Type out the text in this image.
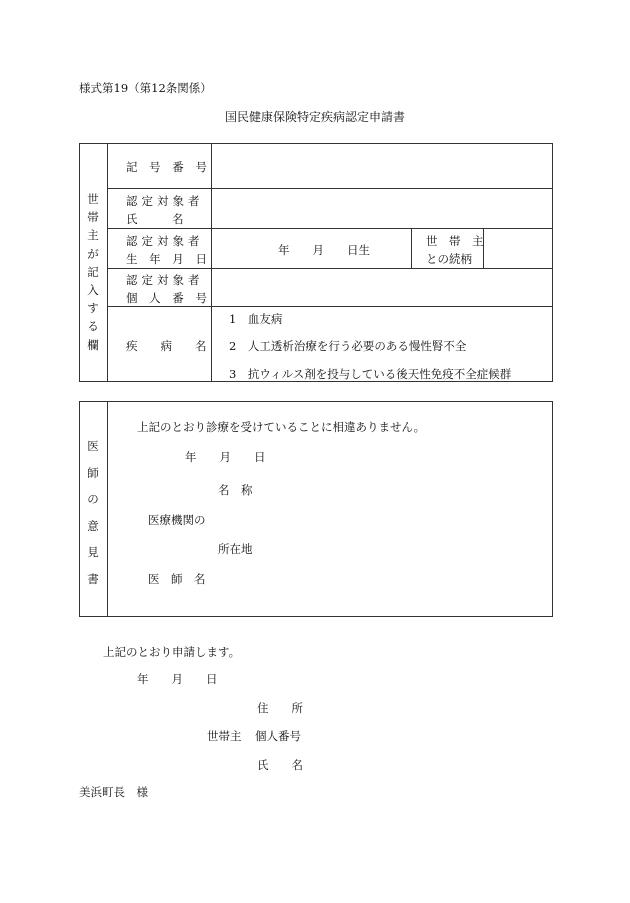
様式第19（第12条関係）
国民健康保険特定疾病認定申請書
世
帯
主
が
記
入
す
る
欄
記 号 番 号
認定対象者
氏　　　名
認定対象者
生 年 月 日
年　　月　　日生
世　帯　主
との続柄
認定対象者
個 人 番 号
疾　　病　　名
1　血友病
2　人工透析治療を行う必要のある慢性腎不全
3　抗ウィルス剤を投与している後天性免疫不全症候群
医
師
の
意
見
書
上記のとおり診療を受けていることに相違ありません。
年　　月　　日
名　称
医療機関の
所在地
医　師　名
上記のとおり申請します。
年　　月　　日
住　　所
世帯主 個人番号
氏　　名
美浜町長　様
